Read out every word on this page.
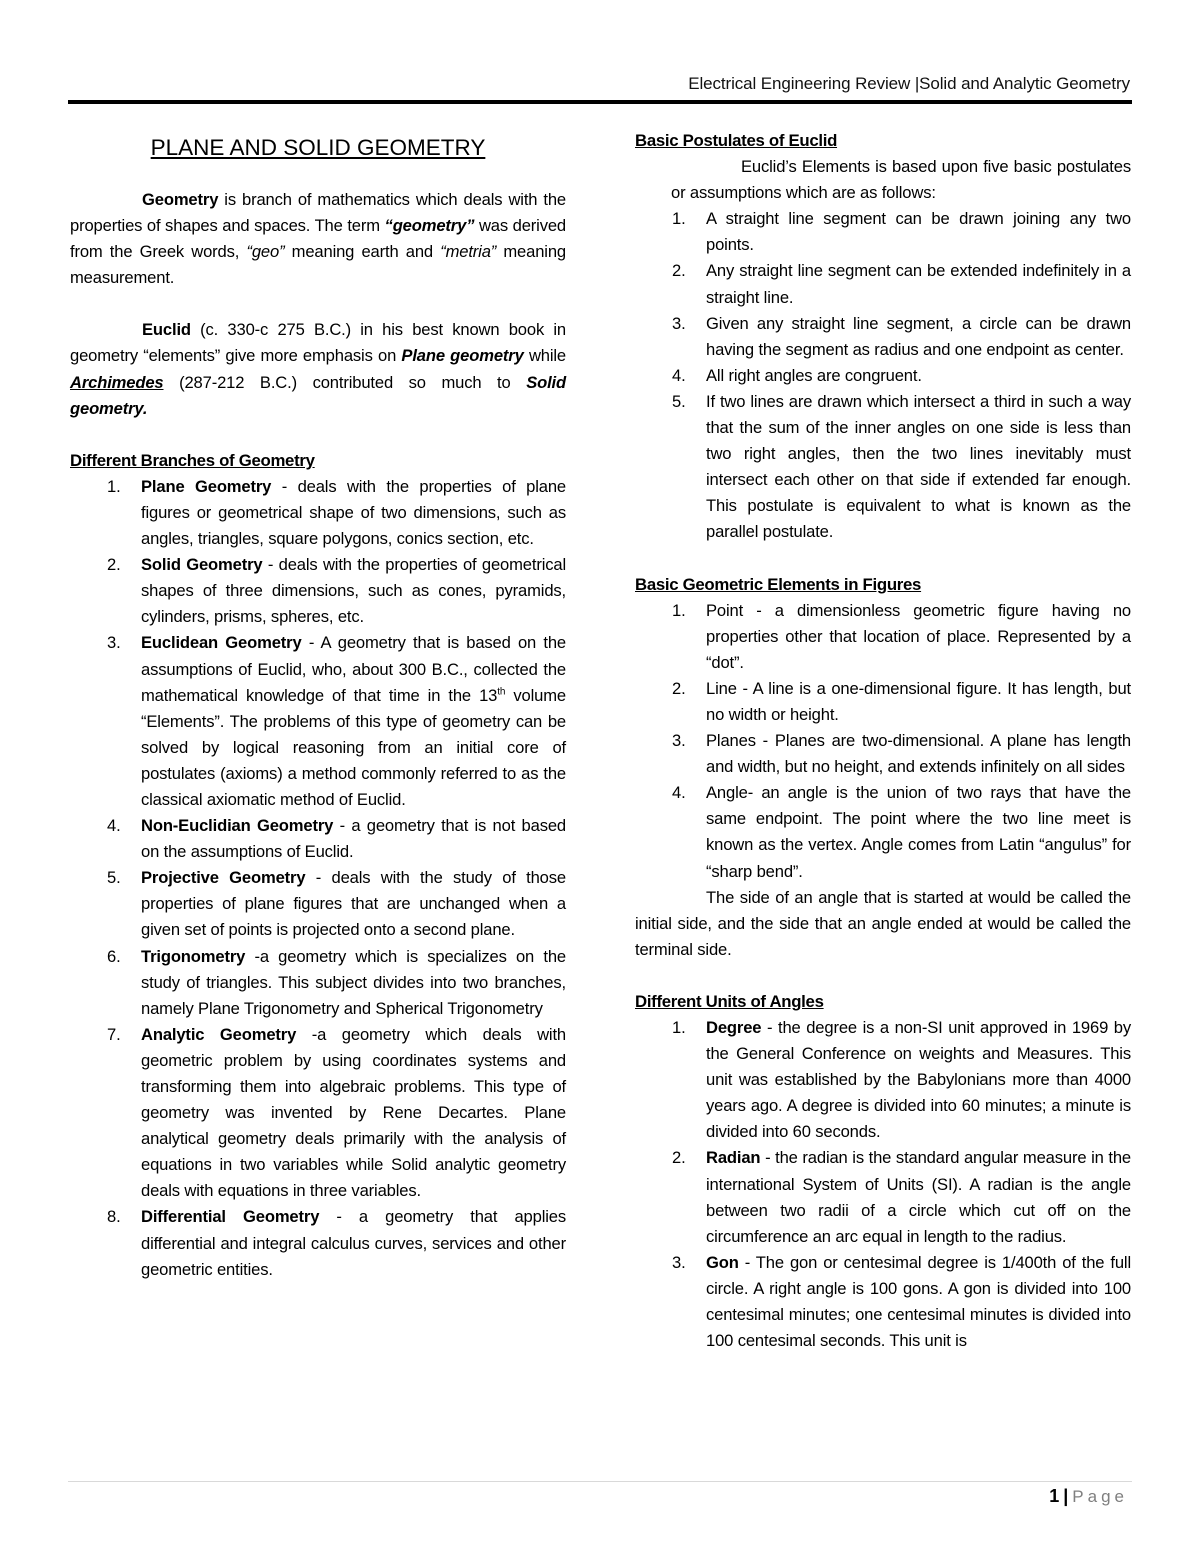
Electrical Engineering Review |Solid and Analytic Geometry
PLANE AND SOLID GEOMETRY

Geometry is branch of mathematics which deals with the properties of shapes and spaces. The term “geometry” was derived from the Greek words, “geo” meaning earth and “metria” meaning measurement.

Euclid (c. 330-c 275 B.C.) in his best known book in geometry “elements” give more emphasis on Plane geometry while Archimedes (287-212 B.C.) contributed so much to Solid geometry.

Different Branches of Geometry

1. Plane Geometry - deals with the properties of plane figures or geometrical shape of two dimensions, such as angles, triangles, square polygons, conics section, etc.
2. Solid Geometry - deals with the properties of geometrical shapes of three dimensions, such as cones, pyramids, cylinders, prisms, spheres, etc.
3. Euclidean Geometry - A geometry that is based on the assumptions of Euclid, who, about 300 B.C., collected the mathematical knowledge of that time in the 13th volume “Elements”. The problems of this type of geometry can be solved by logical reasoning from an initial core of postulates (axioms) a method commonly referred to as the classical axiomatic method of Euclid.
4. Non-Euclidian Geometry - a geometry that is not based on the assumptions of Euclid.
5. Projective Geometry - deals with the study of those properties of plane figures that are unchanged when a given set of points is projected onto a second plane.
6. Trigonometry -a geometry which is specializes on the study of triangles. This subject divides into two branches, namely Plane Trigonometry and Spherical Trigonometry
7. Analytic Geometry -a geometry which deals with geometric problem by using coordinates systems and transforming them into algebraic problems. This type of geometry was invented by Rene Decartes. Plane analytical geometry deals primarily with the analysis of equations in two variables while Solid analytic geometry deals with equations in three variables.
8. Differential Geometry - a geometry that applies differential and integral calculus curves, services and other geometric entities.

Basic Postulates of Euclid

Euclid’s Elements is based upon five basic postulates or assumptions which are as follows:

1. A straight line segment can be drawn joining any two points.
2. Any straight line segment can be extended indefinitely in a straight line.
3. Given any straight line segment, a circle can be drawn having the segment as radius and one endpoint as center.
4. All right angles are congruent.
5. If two lines are drawn which intersect a third in such a way that the sum of the inner angles on one side is less than two right angles, then the two lines inevitably must intersect each other on that side if extended far enough. This postulate is equivalent to what is known as the parallel postulate.

Basic Geometric Elements in Figures

1. Point - a dimensionless geometric figure having no properties other that location of place. Represented by a “dot”.
2. Line - A line is a one-dimensional figure. It has length, but no width or height.
3. Planes - Planes are two-dimensional. A plane has length and width, but no height, and extends infinitely on all sides
4. Angle- an angle is the union of two rays that have the same endpoint. The point where the two line meet is known as the vertex. Angle comes from Latin “angulus” for “sharp bend”.

The side of an angle that is started at would be called the initial side, and the side that an angle ended at would be called the terminal side.

Different Units of Angles

1. Degree - the degree is a non-SI unit approved in 1969 by the General Conference on weights and Measures. This unit was established by the Babylonians more than 4000 years ago. A degree is divided into 60 minutes; a minute is divided into 60 seconds.
2. Radian - the radian is the standard angular measure in the international System of Units (SI). A radian is the angle between two radii of a circle which cut off on the circumference an arc equal in length to the radius.
3. Gon - The gon or centesimal degree is 1/400th of the full circle. A right angle is 100 gons. A gon is divided into 100 centesimal minutes; one centesimal minutes is divided into 100 centesimal seconds. This unit is
1 | Page
